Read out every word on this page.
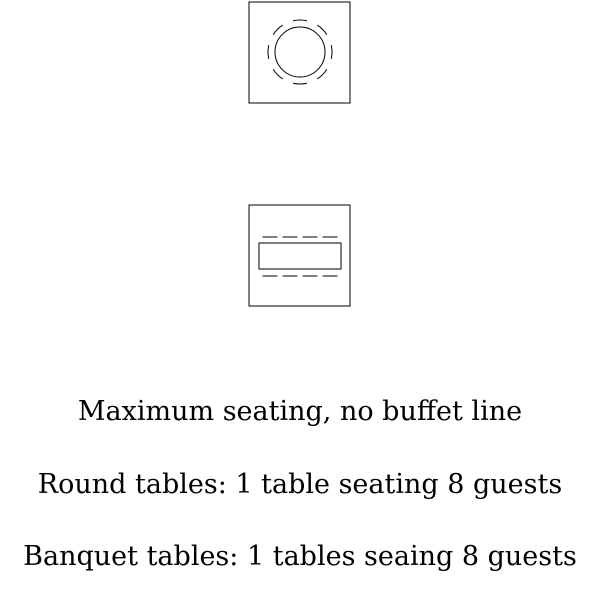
Maximum seating, no buffet line
Round tables: 1 table seating 8 guests
Banquet tables: 1 tables seaing 8 guests
